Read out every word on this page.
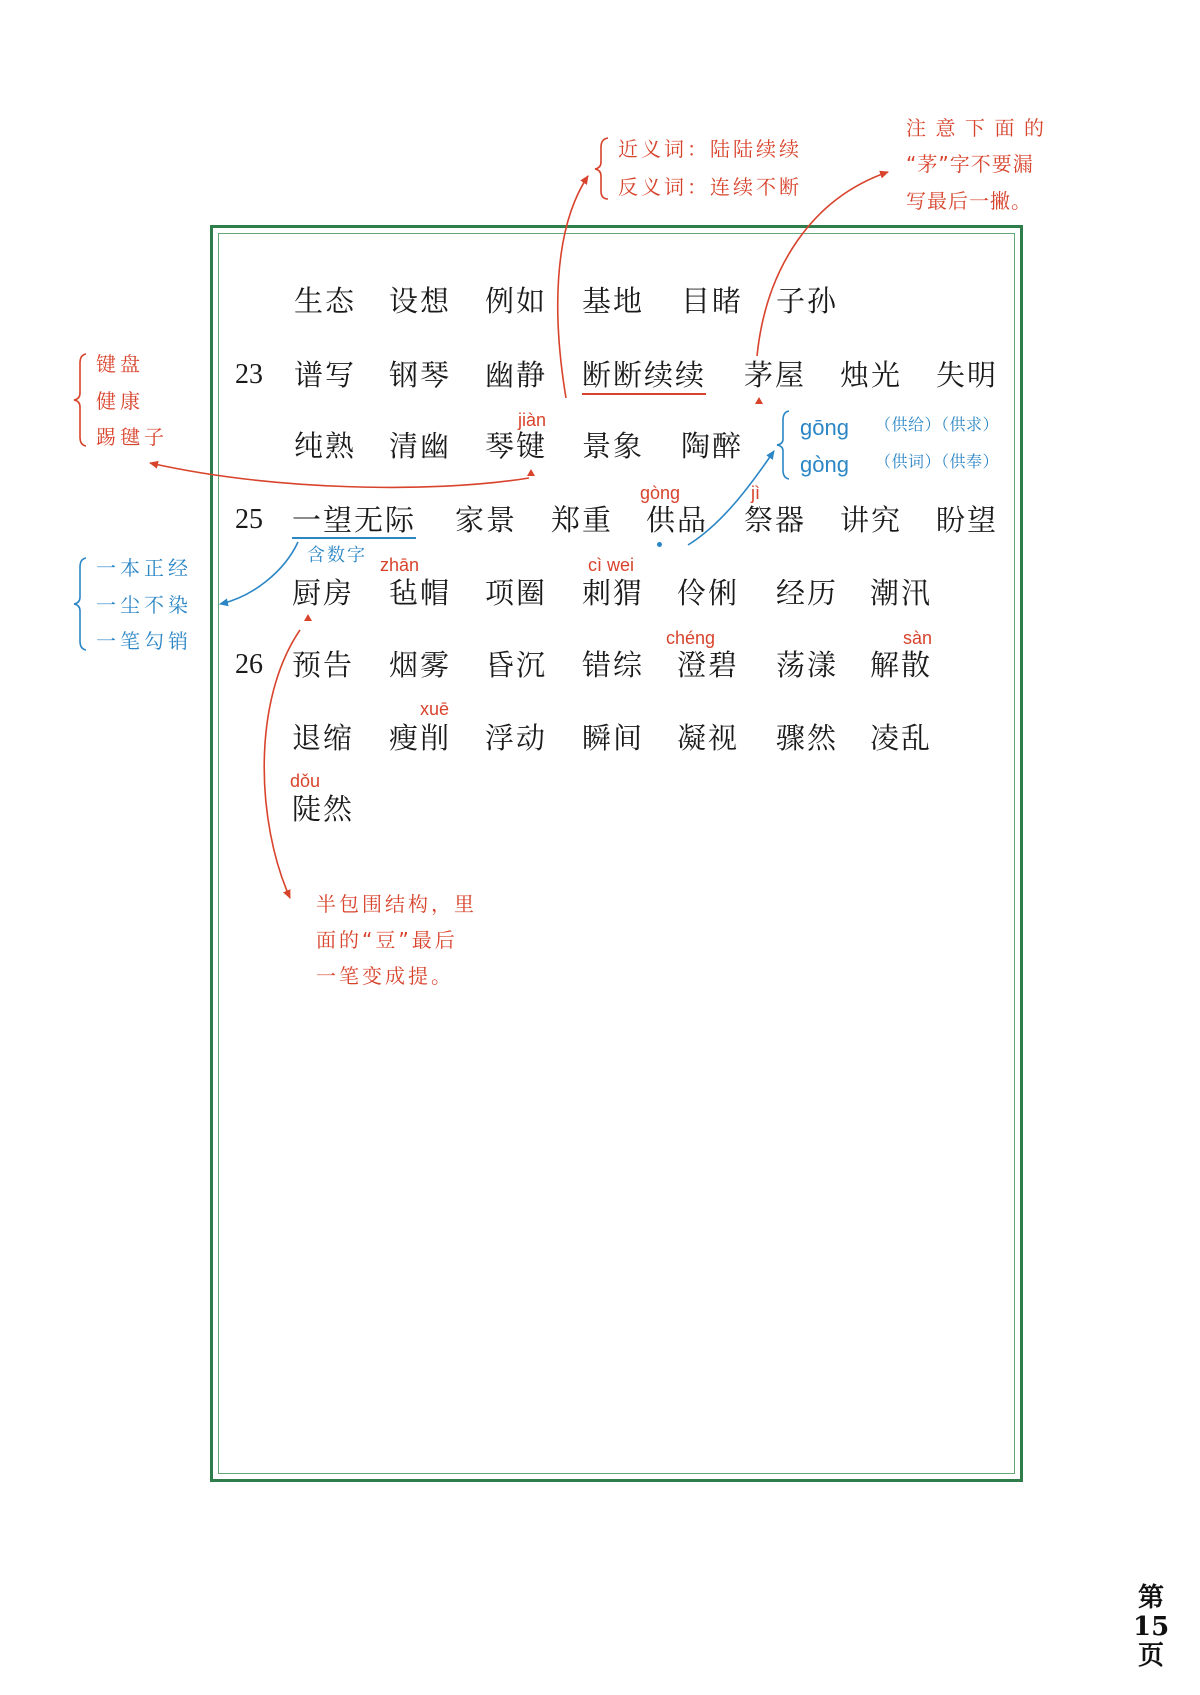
近义词：陆陆续续
反义词：连续不断
注意下面的
“茅”字不要漏
写最后一撇。
键盘
健康
踢毽子
一本正经
一尘不染
一笔勾销
gōng （供给）（供求）
gòng （供词）（供奉）
含数字
半包围结构，里
面的“豆”最后
一笔变成提。
jiàn
gòng	jì
zhān	cì wei
chéng	sàn
xuē
dǒu
生态 设想 例如 基地 目睹 子孙
23 谱写 钢琴 幽静 断断续续 茅屋 烛光 失明
纯熟 清幽 琴键 景象 陶醉
25 一望无际 家景 郑重 供品 祭器 讲究 盼望
厨房 毡帽 项圈 刺猬 伶俐 经历 潮汛
26 预告 烟雾 昏沉 错综 澄碧 荡漾 解散
退缩 瘦削 浮动 瞬间 凝视 骤然 凌乱
陡然
第
15
页
